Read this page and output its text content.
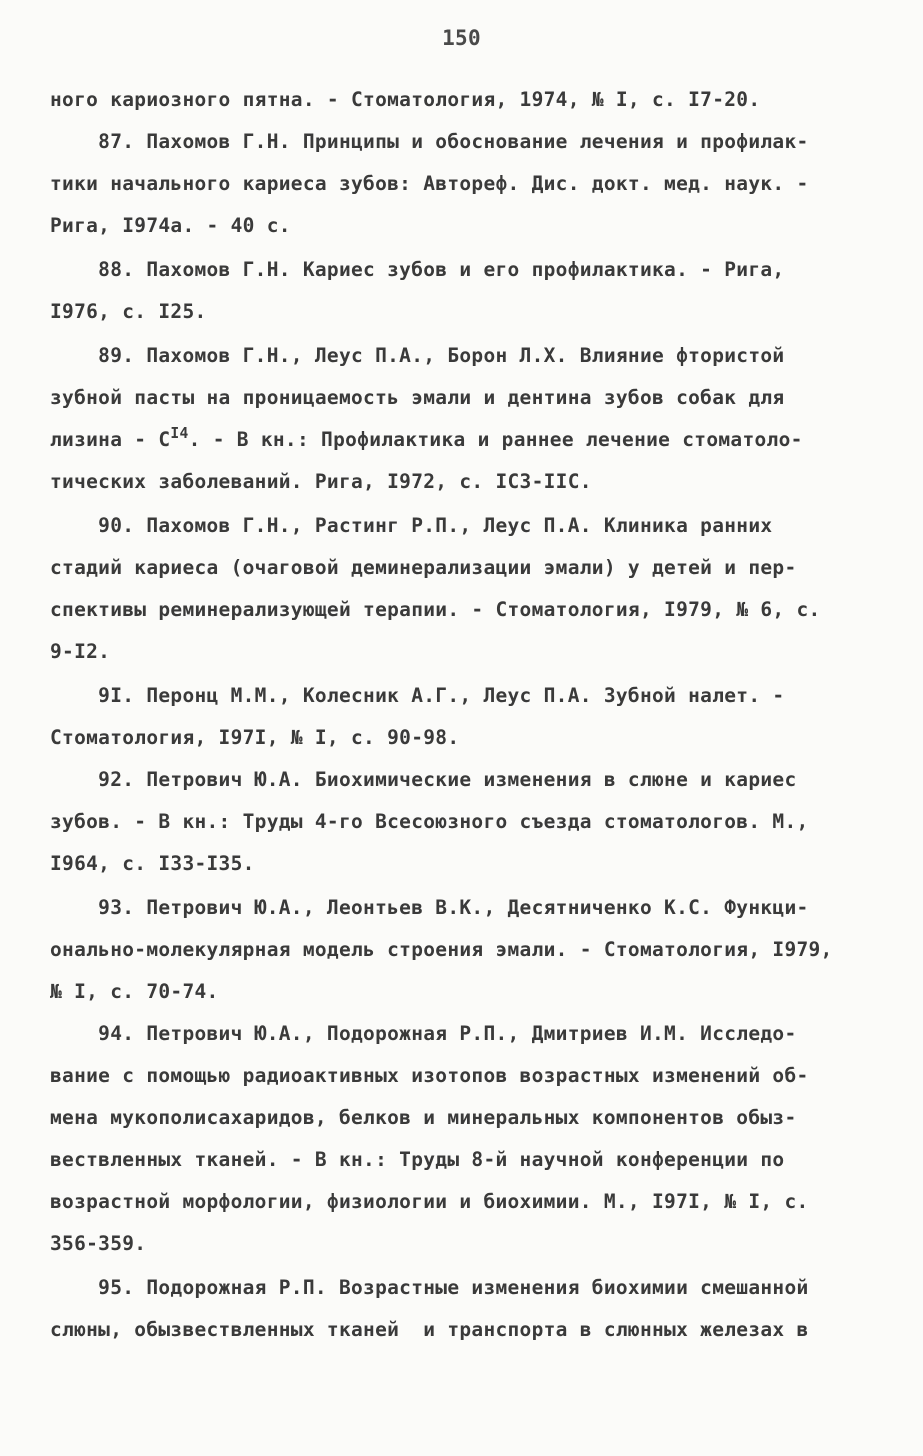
150
ного кариозного пятна. - Стоматология, 1974, № I, с. I7-20.
87. Пахомов Г.Н. Принципы и обоснование лечения и профилак-
тики начального кариеса зубов: Автореф. Дис. докт. мед. наук. -
Рига, I974а. - 40 с.
88. Пахомов Г.Н. Кариес зубов и его профилактика. - Рига,
I976, с. I25.
89. Пахомов Г.Н., Леус П.А., Борон Л.Х. Влияние фтористой
зубной пасты на проницаемость эмали и дентина зубов собак для
лизина - $C^{I4}$. - В кн.: Профилактика и раннее лечение стоматоло-
тических заболеваний. Рига, I972, с. IC3-IIC.
90. Пахомов Г.Н., Растинг Р.П., Леус П.А. Клиника ранних
стадий кариеса (очаговой деминерализации эмали) у детей и пер-
спективы реминерализующей терапии. - Стоматология, I979, № 6, с.
9-I2.
9I. Перонц М.М., Колесник А.Г., Леус П.А. Зубной налет. -
Стоматология, I97I, № I, с. 90-98.
92. Петрович Ю.А. Биохимические изменения в слюне и кариес
зубов. - В кн.: Труды 4-го Всесоюзного съезда стоматологов. М.,
I964, с. I33-I35.
93. Петрович Ю.А., Леонтьев В.К., Десятниченко К.С. Функци-
онально-молекулярная модель строения эмали. - Стоматология, I979,
№ I, с. 70-74.
94. Петрович Ю.А., Подорожная Р.П., Дмитриев И.М. Исследо-
вание с помощью радиоактивных изотопов возрастных изменений об-
мена мукополисахаридов, белков и минеральных компонентов обыз-
вествленных тканей. - В кн.: Труды 8-й научной конференции по
возрастной морфологии, физиологии и биохимии. М., I97I, № I, с.
356-359.
95. Подорожная Р.П. Возрастные изменения биохимии смешанной
слюны, обызвествленных тканей  и транспорта в слюнных железах в
